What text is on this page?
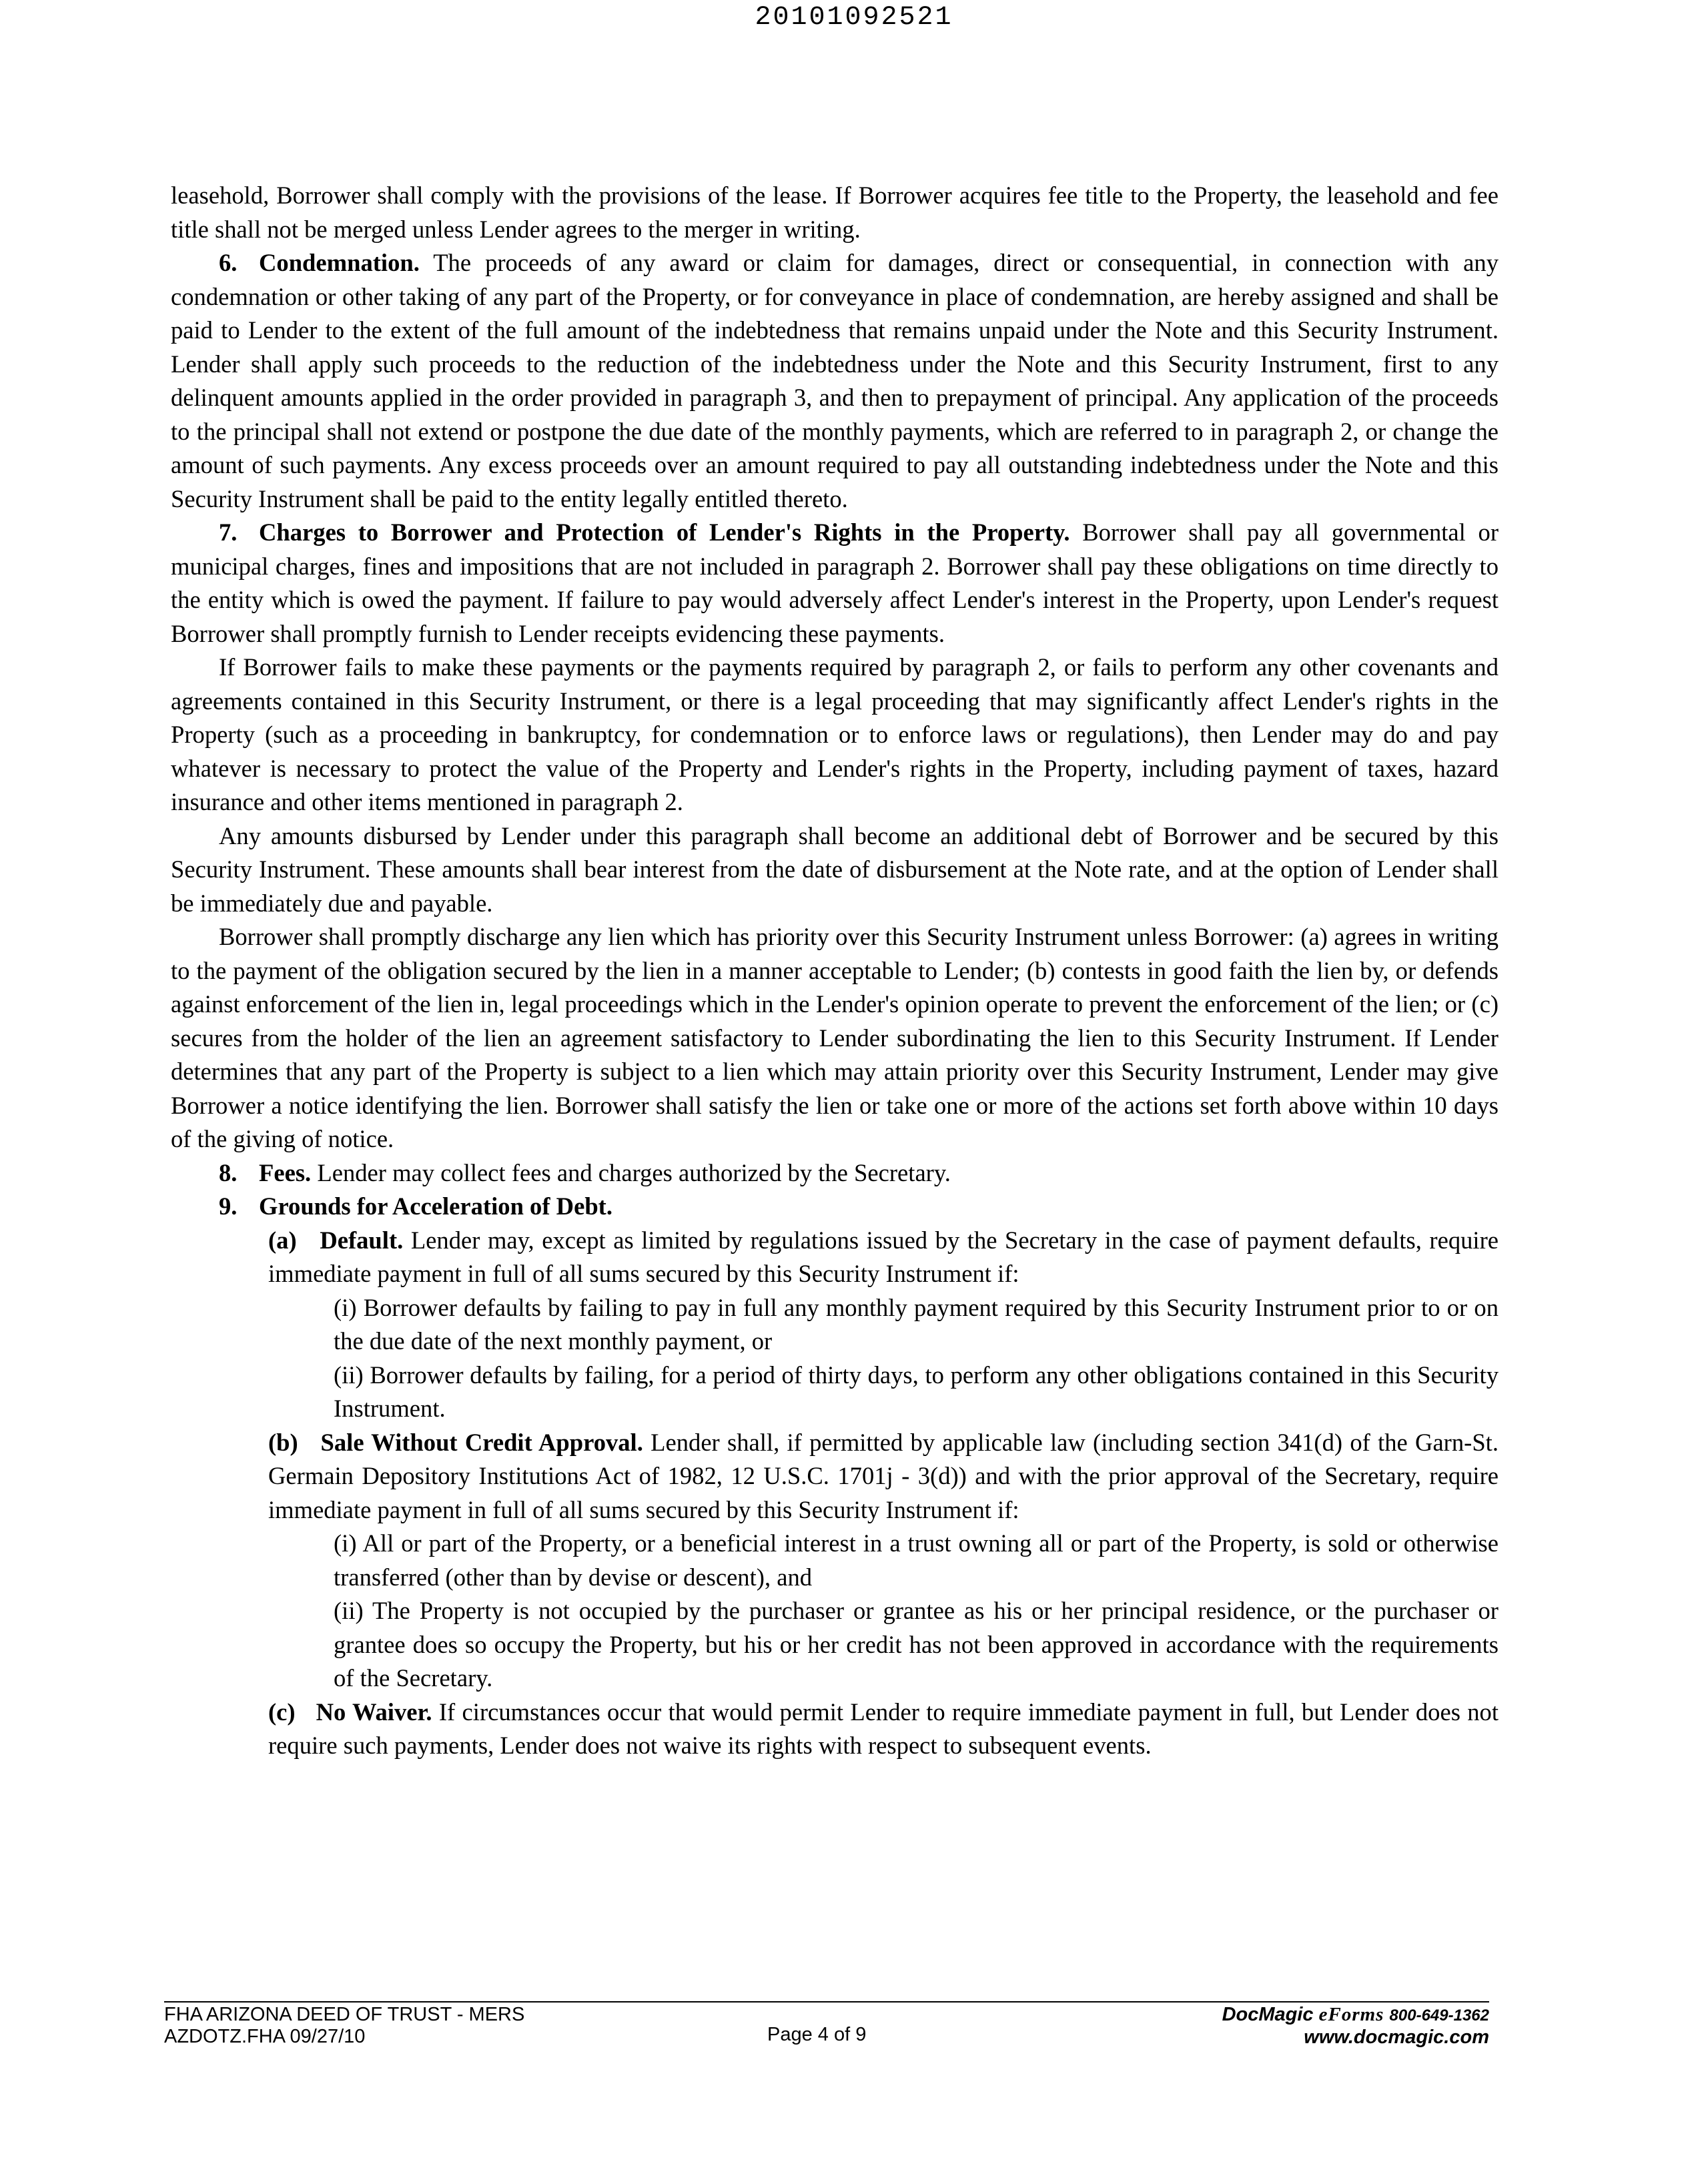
20101092521

leasehold, Borrower shall comply with the provisions of the lease. If Borrower acquires fee title to the Property, the leasehold and fee title shall not be merged unless Lender agrees to the merger in writing.

6. Condemnation. The proceeds of any award or claim for damages, direct or consequential, in connection with any condemnation or other taking of any part of the Property, or for conveyance in place of condemnation, are hereby assigned and shall be paid to Lender to the extent of the full amount of the indebtedness that remains unpaid under the Note and this Security Instrument. Lender shall apply such proceeds to the reduction of the indebtedness under the Note and this Security Instrument, first to any delinquent amounts applied in the order provided in paragraph 3, and then to prepayment of principal. Any application of the proceeds to the principal shall not extend or postpone the due date of the monthly payments, which are referred to in paragraph 2, or change the amount of such payments. Any excess proceeds over an amount required to pay all outstanding indebtedness under the Note and this Security Instrument shall be paid to the entity legally entitled thereto.

7. Charges to Borrower and Protection of Lender's Rights in the Property. Borrower shall pay all governmental or municipal charges, fines and impositions that are not included in paragraph 2. Borrower shall pay these obligations on time directly to the entity which is owed the payment. If failure to pay would adversely affect Lender's interest in the Property, upon Lender's request Borrower shall promptly furnish to Lender receipts evidencing these payments.

If Borrower fails to make these payments or the payments required by paragraph 2, or fails to perform any other covenants and agreements contained in this Security Instrument, or there is a legal proceeding that may significantly affect Lender's rights in the Property (such as a proceeding in bankruptcy, for condemnation or to enforce laws or regulations), then Lender may do and pay whatever is necessary to protect the value of the Property and Lender's rights in the Property, including payment of taxes, hazard insurance and other items mentioned in paragraph 2.

Any amounts disbursed by Lender under this paragraph shall become an additional debt of Borrower and be secured by this Security Instrument. These amounts shall bear interest from the date of disbursement at the Note rate, and at the option of Lender shall be immediately due and payable.

Borrower shall promptly discharge any lien which has priority over this Security Instrument unless Borrower: (a) agrees in writing to the payment of the obligation secured by the lien in a manner acceptable to Lender; (b) contests in good faith the lien by, or defends against enforcement of the lien in, legal proceedings which in the Lender's opinion operate to prevent the enforcement of the lien; or (c) secures from the holder of the lien an agreement satisfactory to Lender subordinating the lien to this Security Instrument. If Lender determines that any part of the Property is subject to a lien which may attain priority over this Security Instrument, Lender may give Borrower a notice identifying the lien. Borrower shall satisfy the lien or take one or more of the actions set forth above within 10 days of the giving of notice.

8. Fees. Lender may collect fees and charges authorized by the Secretary.

9. Grounds for Acceleration of Debt.

(a) Default. Lender may, except as limited by regulations issued by the Secretary in the case of payment defaults, require immediate payment in full of all sums secured by this Security Instrument if:

(i) Borrower defaults by failing to pay in full any monthly payment required by this Security Instrument prior to or on the due date of the next monthly payment, or

(ii) Borrower defaults by failing, for a period of thirty days, to perform any other obligations contained in this Security Instrument.

(b) Sale Without Credit Approval. Lender shall, if permitted by applicable law (including section 341(d) of the Garn-St. Germain Depository Institutions Act of 1982, 12 U.S.C. 1701j - 3(d)) and with the prior approval of the Secretary, require immediate payment in full of all sums secured by this Security Instrument if:

(i) All or part of the Property, or a beneficial interest in a trust owning all or part of the Property, is sold or otherwise transferred (other than by devise or descent), and

(ii) The Property is not occupied by the purchaser or grantee as his or her principal residence, or the purchaser or grantee does so occupy the Property, but his or her credit has not been approved in accordance with the requirements of the Secretary.

(c) No Waiver. If circumstances occur that would permit Lender to require immediate payment in full, but Lender does not require such payments, Lender does not waive its rights with respect to subsequent events.

FHA ARIZONA DEED OF TRUST - MERS
AZDOTZ.FHA 09/27/10	Page 4 of 9
DocMagic eForms 800-649-1362
www.docmagic.com
